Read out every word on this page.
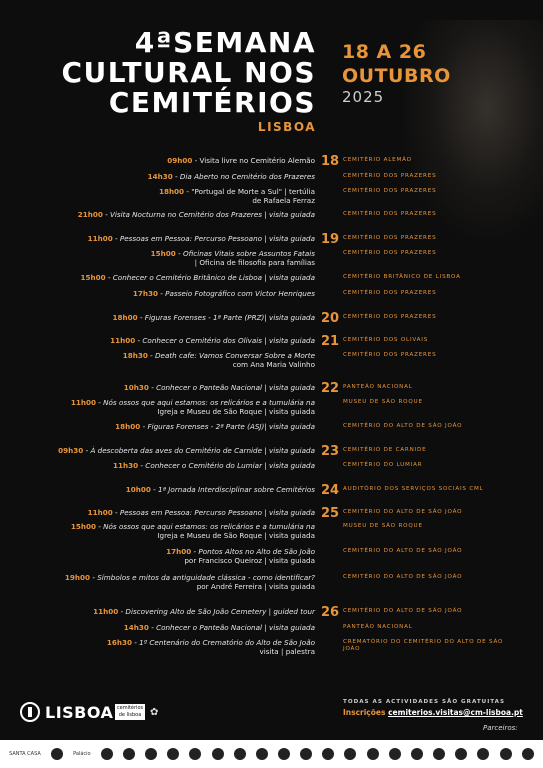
4ªSEMANA
CULTURAL NOS
CEMITÉRIOS
LISBOA
18 A 26
OUTUBRO
2025
09h00 - Visita livre no Cemitério Alemão 18 CEMITÉRIO ALEMÃO
14h30 - Dia Aberto no Cemitério dos Prazeres	CEMITÉRIO DOS PRAZERES
18h00 - "Portugal de Morte a Sul" | tertúlia
de Rafaela Ferraz
CEMITÉRIO DOS PRAZERES
21h00 - Visita Nocturna no Cemitério dos Prazeres | visita guiada	CEMITÉRIO DOS PRAZERES
11h00 - Pessoas em Pessoa: Percurso Pessoano | visita guiada 19 CEMITÉRIO DOS PRAZERES
15h00 - Oficinas Vitais sobre Assuntos Fatais
| Oficina de filosofia para famílias
CEMITÉRIO DOS PRAZERES
15h00 - Conhecer o Cemitério Britânico de Lisboa | visita guiada	CEMITÉRIO BRITÂNICO DE LISBOA
17h30 - Passeio Fotográfico com Victor Henriques	CEMITÉRIO DOS PRAZERES
18h00 - Figuras Forenses - 1ª Parte (PRZ)| visita guiada 20 CEMITÉRIO DOS PRAZERES
11h00 - Conhecer o Cemitério dos Olivais | visita guiada 21 CEMITÉRIO DOS OLIVAIS
18h30 - Death cafe: Vamos Conversar Sobre a Morte
com Ana Maria Valinho
CEMITÉRIO DOS PRAZERES
10h30 - Conhecer o Panteão Nacional | visita guiada 22 PANTEÃO NACIONAL
11h00 - Nós ossos que aqui estamos: os relicários e a tumulária na
Igreja e Museu de São Roque | visita guiada
MUSEU DE SÃO ROQUE
18h00 - Figuras Forenses - 2ª Parte (ASJ)| visita guiada	CEMITÉRIO DO ALTO DE SÃO JOÃO
09h30 - À descoberta das aves do Cemitério de Carnide | visita guiada 23 CEMITÉRIO DE CARNIDE
11h30 - Conhecer o Cemitério do Lumiar | visita guiada	CEMITÉRIO DO LUMIAR
10h00 - 1ª Jornada Interdisciplinar sobre Cemitérios 24 AUDITÓRIO DOS SERVIÇOS SOCIAIS CML
11h00 - Pessoas em Pessoa: Percurso Pessoano | visita guiada 25 CEMITÉRIO DO ALTO DE SÃO JOÃO
15h00 - Nós ossos que aqui estamos: os relicários e a tumulária na
Igreja e Museu de São Roque | visita guiada
MUSEU DE SÃO ROQUE
17h00 - Pontos Altos no Alto de São João
por Francisco Queiroz | visita guiada
CEMITÉRIO DO ALTO DE SÃO JOÃO
19h00 - Símbolos e mitos da antiguidade clássica - como identificar?
por André Ferreira | visita guiada
CEMITÉRIO DO ALTO DE SÃO JOÃO
11h00 - Discovering Alto de São João Cemetery | guided tour 26 CEMITÉRIO DO ALTO DE SÃO JOÃO
14h30 - Conhecer o Panteão Nacional | visita guiada	PANTEÃO NACIONAL
16h30 - 1º Centenário do Crematório do Alto de São João
visita | palestra
CREMATÓRIO DO CEMITÉRIO DO ALTO DE SÃO JOÃO
LISBOA cemitérios de lisboa ✿
TODAS AS ACTIVIDADES SÃO GRATUITAS
Inscrições cemiterios.visitas@cm-lisboa.pt
Parceiros:
SANTA CASA	Palácio
